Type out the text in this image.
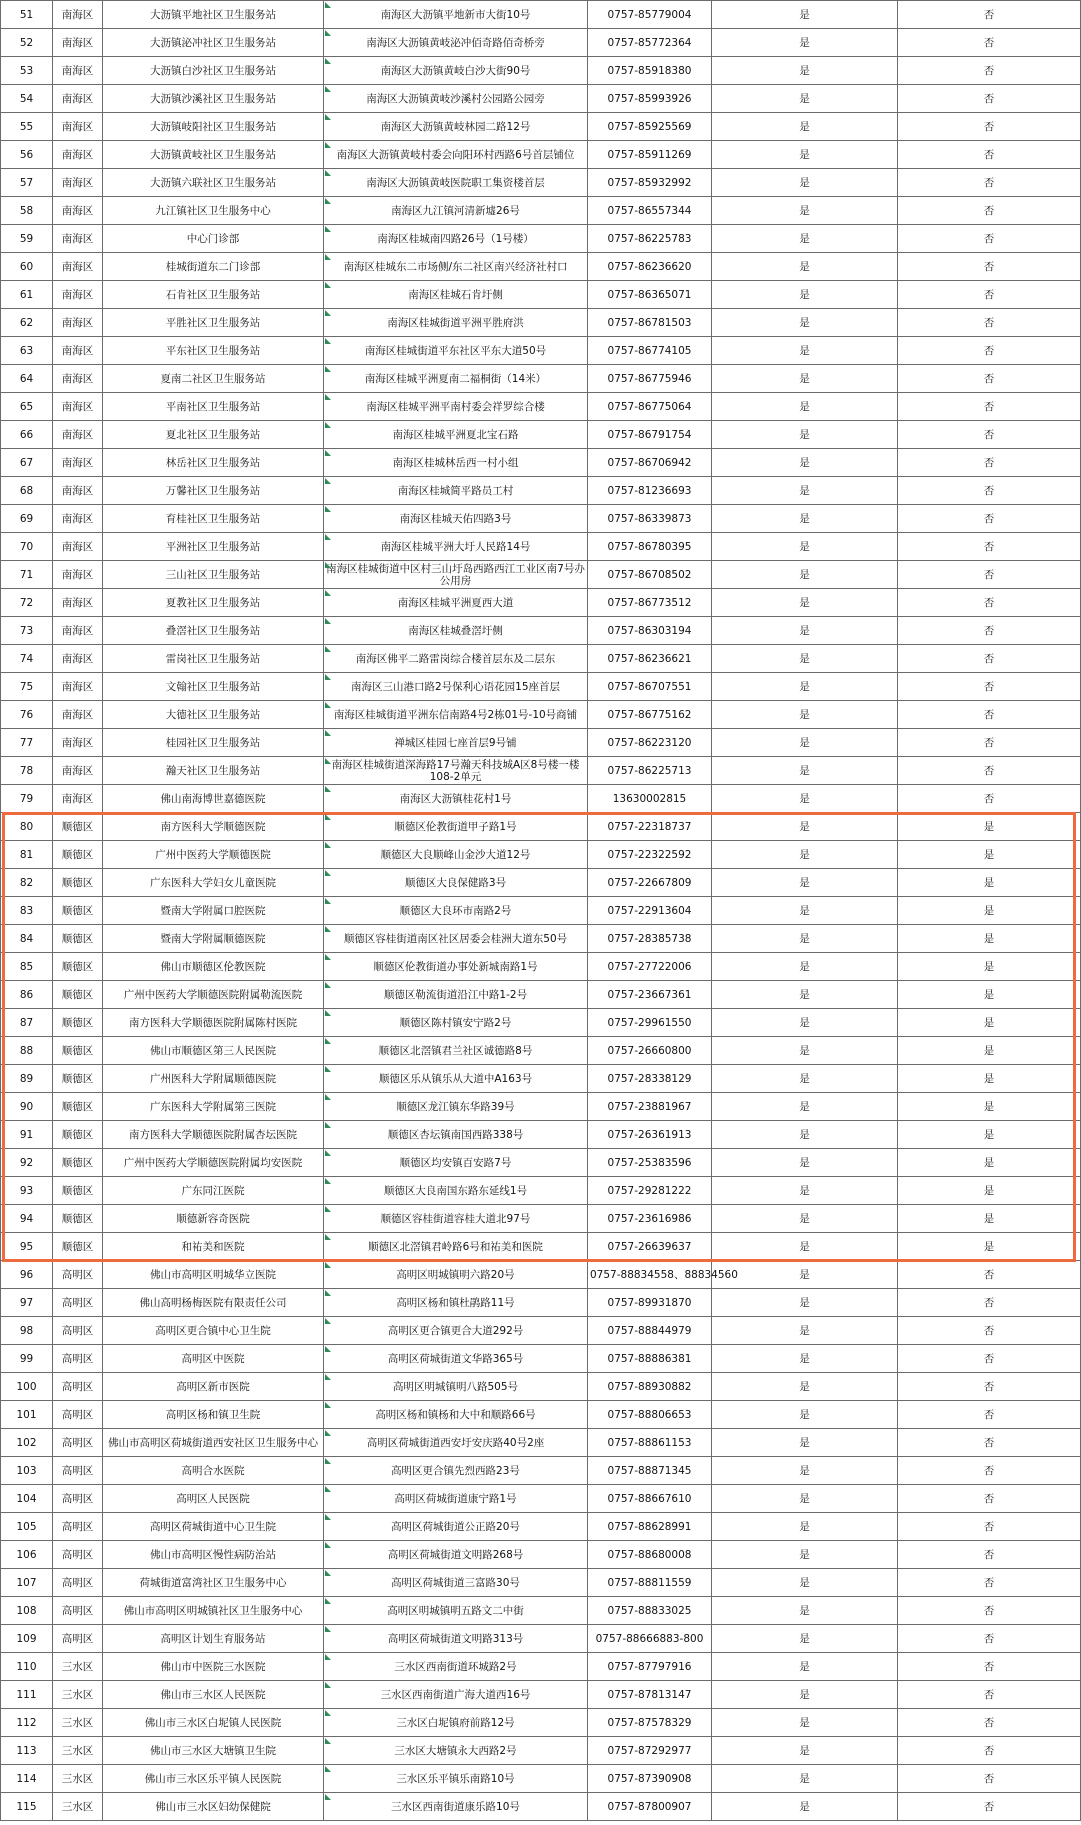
51	南海区	大沥镇平地社区卫生服务站	南海区大沥镇平地新市大街10号	0757-85779004	是	否
52	南海区	大沥镇泌冲社区卫生服务站	南海区大沥镇黄岐泌冲佰奇路佰奇桥旁	0757-85772364	是	否
53	南海区	大沥镇白沙社区卫生服务站	南海区大沥镇黄岐白沙大街90号	0757-85918380	是	否
54	南海区	大沥镇沙溪社区卫生服务站	南海区大沥镇黄岐沙溪村公园路公园旁	0757-85993926	是	否
55	南海区	大沥镇岐阳社区卫生服务站	南海区大沥镇黄岐林园二路12号	0757-85925569	是	否
56	南海区	大沥镇黄岐社区卫生服务站	南海区大沥镇黄岐村委会向阳环村西路6号首层铺位	0757-85911269	是	否
57	南海区	大沥镇六联社区卫生服务站	南海区大沥镇黄岐医院职工集资楼首层	0757-85932992	是	否
58	南海区	九江镇社区卫生服务中心	南海区九江镇河清新墟26号	0757-86557344	是	否
59	南海区	中心门诊部	南海区桂城南四路26号（1号楼）	0757-86225783	是	否
60	南海区	桂城街道东二门诊部	南海区桂城东二市场侧/东二社区南兴经济社村口	0757-86236620	是	否
61	南海区	石肯社区卫生服务站	南海区桂城石肯圩侧	0757-86365071	是	否
62	南海区	平胜社区卫生服务站	南海区桂城街道平洲平胜府洪	0757-86781503	是	否
63	南海区	平东社区卫生服务站	南海区桂城街道平东社区平东大道50号	0757-86774105	是	否
64	南海区	夏南二社区卫生服务站	南海区桂城平洲夏南二福桐街（14米）	0757-86775946	是	否
65	南海区	平南社区卫生服务站	南海区桂城平洲平南村委会祥罗综合楼	0757-86775064	是	否
66	南海区	夏北社区卫生服务站	南海区桂城平洲夏北宝石路	0757-86791754	是	否
67	南海区	林岳社区卫生服务站	南海区桂城林岳西一村小组	0757-86706942	是	否
68	南海区	万馨社区卫生服务站	南海区桂城简平路员工村	0757-81236693	是	否
69	南海区	育桂社区卫生服务站	南海区桂城天佑四路3号	0757-86339873	是	否
70	南海区	平洲社区卫生服务站	南海区桂城平洲大圩人民路14号	0757-86780395	是	否
71	南海区	三山社区卫生服务站	南海区桂城街道中区村三山圩岛西路西江工业区南7号办公用房	0757-86708502	是	否
72	南海区	夏教社区卫生服务站	南海区桂城平洲夏西大道	0757-86773512	是	否
73	南海区	叠滘社区卫生服务站	南海区桂城叠滘圩侧	0757-86303194	是	否
74	南海区	雷岗社区卫生服务站	南海区佛平二路雷岗综合楼首层东及二层东	0757-86236621	是	否
75	南海区	文翰社区卫生服务站	南海区三山港口路2号保利心语花园15座首层	0757-86707551	是	否
76	南海区	大德社区卫生服务站	南海区桂城街道平洲东信南路4号2栋01号-10号商铺	0757-86775162	是	否
77	南海区	桂园社区卫生服务站	禅城区桂园七座首层9号铺	0757-86223120	是	否
78	南海区	瀚天社区卫生服务站	南海区桂城街道深海路17号瀚天科技城A区8号楼一楼108-2单元	0757-86225713	是	否
79	南海区	佛山南海博世嘉德医院	南海区大沥镇桂花村1号	13630002815	是	否
80	顺德区	南方医科大学顺德医院	顺德区伦教街道甲子路1号	0757-22318737	是	是
81	顺德区	广州中医药大学顺德医院	顺德区大良顺峰山金沙大道12号	0757-22322592	是	是
82	顺德区	广东医科大学妇女儿童医院	顺德区大良保健路3号	0757-22667809	是	是
83	顺德区	暨南大学附属口腔医院	顺德区大良环市南路2号	0757-22913604	是	是
84	顺德区	暨南大学附属顺德医院	顺德区容桂街道南区社区居委会桂洲大道东50号	0757-28385738	是	是
85	顺德区	佛山市顺德区伦教医院	顺德区伦教街道办事处新城南路1号	0757-27722006	是	是
86	顺德区	广州中医药大学顺德医院附属勒流医院	顺德区勒流街道沿江中路1-2号	0757-23667361	是	是
87	顺德区	南方医科大学顺德医院附属陈村医院	顺德区陈村镇安宁路2号	0757-29961550	是	是
88	顺德区	佛山市顺德区第三人民医院	顺德区北滘镇君兰社区诚德路8号	0757-26660800	是	是
89	顺德区	广州医科大学附属顺德医院	顺德区乐从镇乐从大道中A163号	0757-28338129	是	是
90	顺德区	广东医科大学附属第三医院	顺德区龙江镇东华路39号	0757-23881967	是	是
91	顺德区	南方医科大学顺德医院附属杏坛医院	顺德区杏坛镇南国西路338号	0757-26361913	是	是
92	顺德区	广州中医药大学顺德医院附属均安医院	顺德区均安镇百安路7号	0757-25383596	是	是
93	顺德区	广东同江医院	顺德区大良南国东路东延线1号	0757-29281222	是	是
94	顺德区	顺德新容奇医院	顺德区容桂街道容桂大道北97号	0757-23616986	是	是
95	顺德区	和祐美和医院	顺德区北滘镇君岭路6号和祐美和医院	0757-26639637	是	是
96	高明区	佛山市高明区明城华立医院	高明区明城镇明六路20号	0757-88834558、88834560	是	否
97	高明区	佛山高明杨梅医院有限责任公司	高明区杨和镇杜鹃路11号	0757-89931870	是	否
98	高明区	高明区更合镇中心卫生院	高明区更合镇更合大道292号	0757-88844979	是	否
99	高明区	高明区中医院	高明区荷城街道文华路365号	0757-88886381	是	否
100	高明区	高明区新市医院	高明区明城镇明八路505号	0757-88930882	是	否
101	高明区	高明区杨和镇卫生院	高明区杨和镇杨和大中和顺路66号	0757-88806653	是	否
102	高明区	佛山市高明区荷城街道西安社区卫生服务中心	高明区荷城街道西安圩安庆路40号2座	0757-88861153	是	否
103	高明区	高明合水医院	高明区更合镇先烈西路23号	0757-88871345	是	否
104	高明区	高明区人民医院	高明区荷城街道康宁路1号	0757-88667610	是	否
105	高明区	高明区荷城街道中心卫生院	高明区荷城街道公正路20号	0757-88628991	是	否
106	高明区	佛山市高明区慢性病防治站	高明区荷城街道文明路268号	0757-88680008	是	否
107	高明区	荷城街道富湾社区卫生服务中心	高明区荷城街道三富路30号	0757-88811559	是	否
108	高明区	佛山市高明区明城镇社区卫生服务中心	高明区明城镇明五路文二中街	0757-88833025	是	否
109	高明区	高明区计划生育服务站	高明区荷城街道文明路313号	0757-88666883-800	是	否
110	三水区	佛山市中医院三水医院	三水区西南街道环城路2号	0757-87797916	是	否
111	三水区	佛山市三水区人民医院	三水区西南街道广海大道西16号	0757-87813147	是	否
112	三水区	佛山市三水区白坭镇人民医院	三水区白坭镇府前路12号	0757-87578329	是	否
113	三水区	佛山市三水区大塘镇卫生院	三水区大塘镇永大西路2号	0757-87292977	是	否
114	三水区	佛山市三水区乐平镇人民医院	三水区乐平镇乐南路10号	0757-87390908	是	否
115	三水区	佛山市三水区妇幼保健院	三水区西南街道康乐路10号	0757-87800907	是	否
